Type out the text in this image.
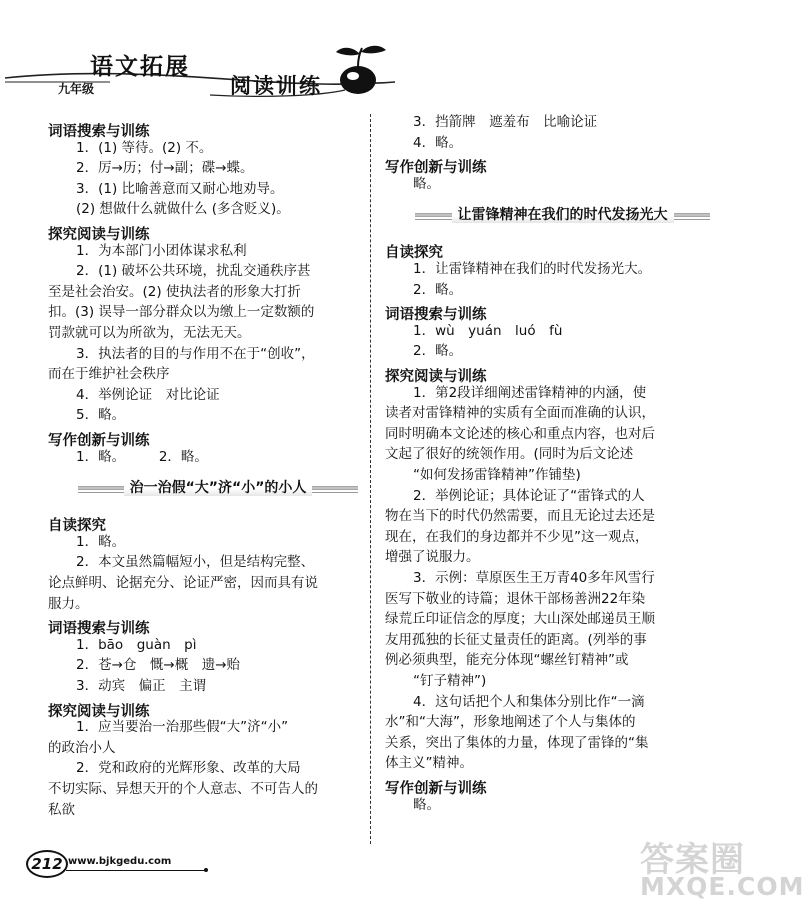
语文拓展
九年级	阅读训练
词语搜索与训练
1．(1) 等待。(2) 不。
2．厉→历；付→副；碟→蝶。
3．(1) 比喻善意而又耐心地劝导。
(2) 想做什么就做什么 (多含贬义)。
探究阅读与训练
1．为本部门小团体谋求私利
2．(1) 破坏公共环境，扰乱交通秩序甚
至是社会治安。(2) 使执法者的形象大打折
扣。(3) 误导一部分群众以为缴上一定数额的
罚款就可以为所欲为，无法无天。
3．执法者的目的与作用不在于“创收”，
而在于维护社会秩序
4．举例论证　对比论证
5．略。
写作创新与训练
1．略。　　　2．略。
治一治假“大”济“小”的小人
自读探究
1．略。
2．本文虽然篇幅短小，但是结构完整、
论点鲜明、论据充分、论证严密，因而具有说
服力。
词语搜索与训练
1．bāo　guàn　pì
2．苍→仓　慨→概　遗→贻
3．动宾　偏正　主谓
探究阅读与训练
1．应当要治一治那些假“大”济“小”
的政治小人
2．党和政府的光辉形象、改革的大局
不切实际、异想天开的个人意志、不可告人的
私欲
3．挡箭牌　遮羞布　比喻论证
4．略。
写作创新与训练
略。
让雷锋精神在我们的时代发扬光大
自读探究
1．让雷锋精神在我们的时代发扬光大。
2．略。
词语搜索与训练
1．wù　yuán　luó　fù
2．略。
探究阅读与训练
1．第2段详细阐述雷锋精神的内涵，使
读者对雷锋精神的实质有全面而准确的认识，
同时明确本文论述的核心和重点内容，也对后
文起了很好的统领作用。(同时为后文论述
“如何发扬雷锋精神”作铺垫)
2．举例论证；具体论证了“雷锋式的人
物在当下的时代仍然需要，而且无论过去还是
现在，在我们的身边都并不少见”这一观点，
增强了说服力。
3．示例：草原医生王万青40多年风雪行
医写下敬业的诗篇；退休干部杨善洲22年染
绿荒丘印证信念的厚度；大山深处邮递员王顺
友用孤独的长征丈量责任的距离。(列举的事
例必须典型，能充分体现“螺丝钉精神”或
“钉子精神”)
4．这句话把个人和集体分别比作“一滴
水”和“大海”，形象地阐述了个人与集体的
关系，突出了集体的力量，体现了雷锋的“集
体主义”精神。
写作创新与训练
略。
212 www.bjkgedu.com	答案圈
MXQE.COM
